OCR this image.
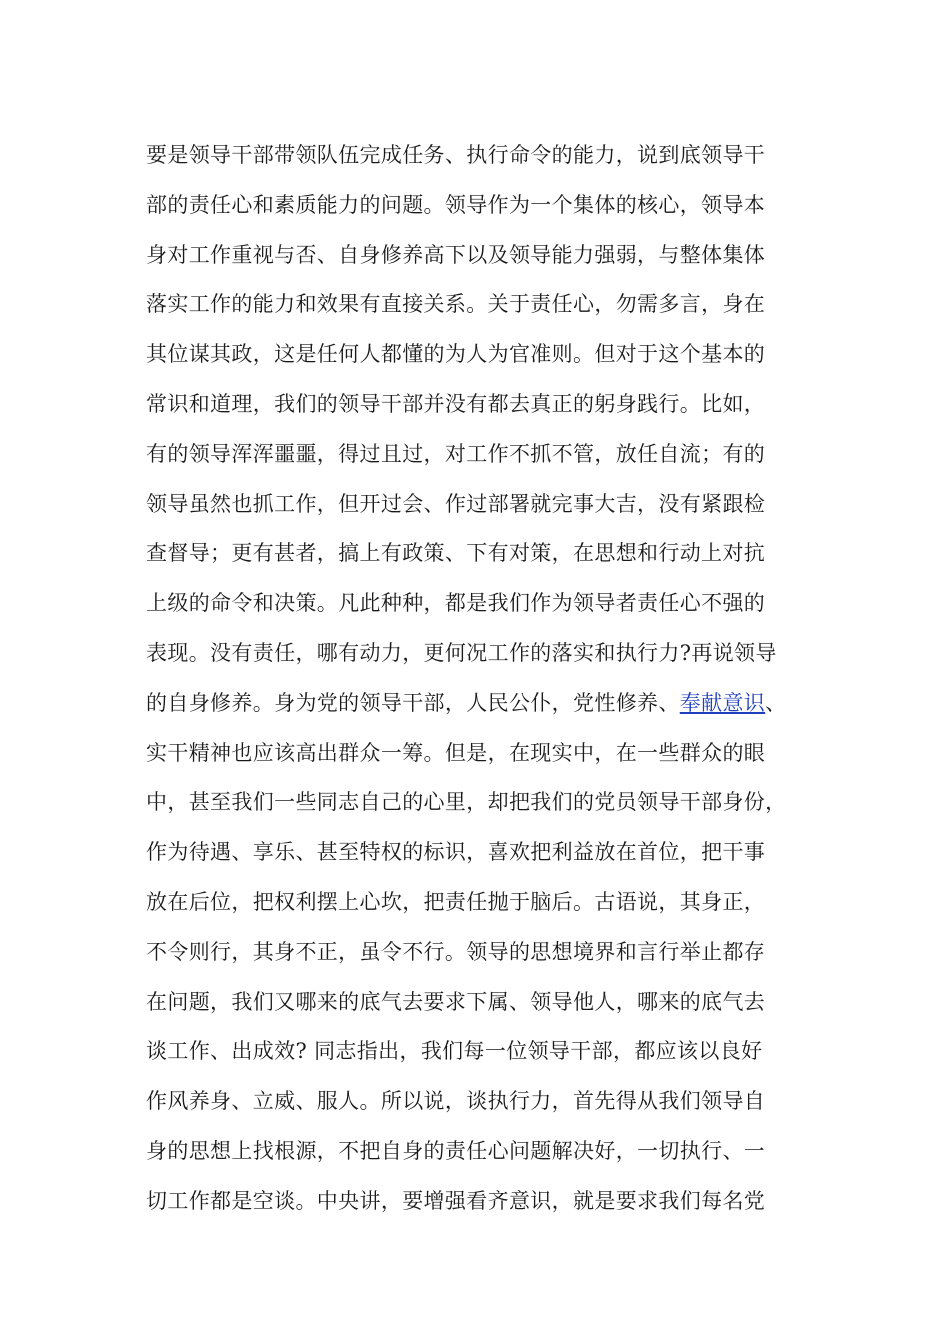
要是领导干部带领队伍完成任务、执行命令的能力，说到底领导干
部的责任心和素质能力的问题。领导作为一个集体的核心，领导本
身对工作重视与否、自身修养高下以及领导能力强弱，与整体集体
落实工作的能力和效果有直接关系。关于责任心，勿需多言，身在
其位谋其政，这是任何人都懂的为人为官准则。但对于这个基本的
常识和道理，我们的领导干部并没有都去真正的躬身践行。比如，
有的领导浑浑噩噩，得过且过，对工作不抓不管，放任自流；有的
领导虽然也抓工作，但开过会、作过部署就完事大吉，没有紧跟检
查督导；更有甚者，搞上有政策、下有对策，在思想和行动上对抗
上级的命令和决策。凡此种种，都是我们作为领导者责任心不强的
表现。没有责任，哪有动力，更何况工作的落实和执行力?再说领导
的自身修养。身为党的领导干部，人民公仆，党性修养、奉献意识、
实干精神也应该高出群众一筹。但是，在现实中，在一些群众的眼
中，甚至我们一些同志自己的心里，却把我们的党员领导干部身份，
作为待遇、享乐、甚至特权的标识，喜欢把利益放在首位，把干事
放在后位，把权利摆上心坎，把责任抛于脑后。古语说，其身正，
不令则行，其身不正，虽令不行。领导的思想境界和言行举止都存
在问题，我们又哪来的底气去要求下属、领导他人，哪来的底气去
谈工作、出成效? 同志指出，我们每一位领导干部，都应该以良好
作风养身、立威、服人。所以说，谈执行力，首先得从我们领导自
身的思想上找根源，不把自身的责任心问题解决好，一切执行、一
切工作都是空谈。中央讲，要增强看齐意识，就是要求我们每名党
